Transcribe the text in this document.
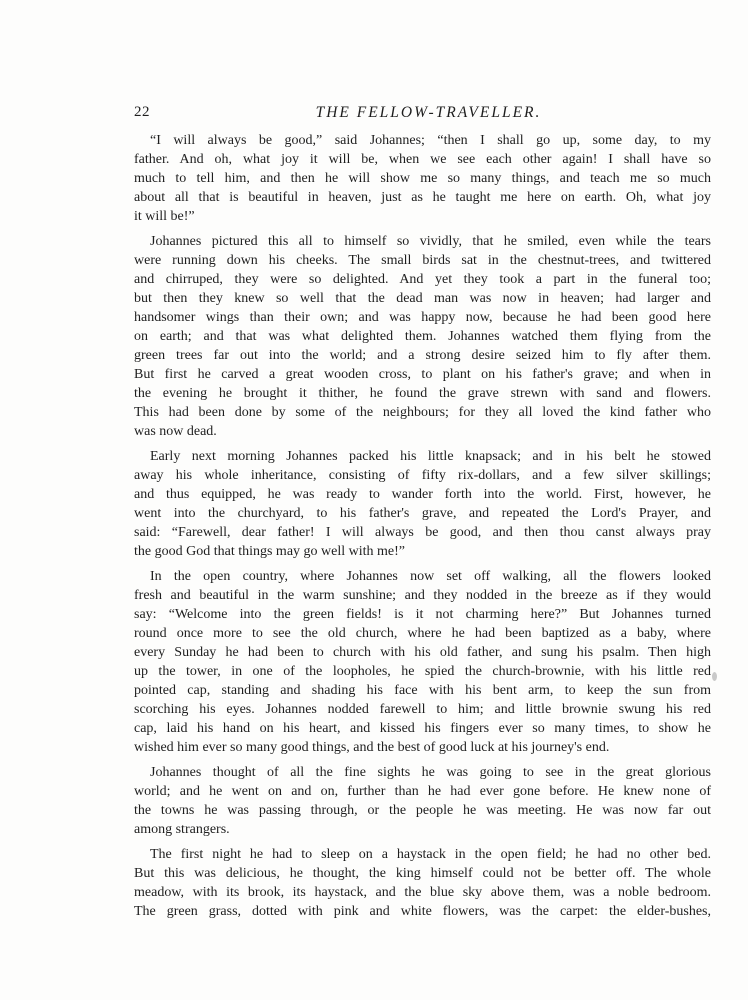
22	THE FELLOW-TRAVELLER.
“I will always be good,” said Johannes; “then I shall go up, some day, to my
father. And oh, what joy it will be, when we see each other again! I shall have so
much to tell him, and then he will show me so many things, and teach me so much
about all that is beautiful in heaven, just as he taught me here on earth. Oh, what joy
it will be!”
Johannes pictured this all to himself so vividly, that he smiled, even while the tears
were running down his cheeks. The small birds sat in the chestnut-trees, and twittered
and chirruped, they were so delighted. And yet they took a part in the funeral too;
but then they knew so well that the dead man was now in heaven; had larger and
handsomer wings than their own; and was happy now, because he had been good here
on earth; and that was what delighted them. Johannes watched them flying from the
green trees far out into the world; and a strong desire seized him to fly after them.
But first he carved a great wooden cross, to plant on his father's grave; and when in
the evening he brought it thither, he found the grave strewn with sand and flowers.
This had been done by some of the neighbours; for they all loved the kind father who
was now dead.
Early next morning Johannes packed his little knapsack; and in his belt he stowed
away his whole inheritance, consisting of fifty rix-dollars, and a few silver skillings;
and thus equipped, he was ready to wander forth into the world. First, however, he
went into the churchyard, to his father's grave, and repeated the Lord's Prayer, and
said: “Farewell, dear father! I will always be good, and then thou canst always pray
the good God that things may go well with me!”
In the open country, where Johannes now set off walking, all the flowers looked
fresh and beautiful in the warm sunshine; and they nodded in the breeze as if they would
say: “Welcome into the green fields! is it not charming here?” But Johannes turned
round once more to see the old church, where he had been baptized as a baby, where
every Sunday he had been to church with his old father, and sung his psalm. Then high
up the tower, in one of the loopholes, he spied the church-brownie, with his little red
pointed cap, standing and shading his face with his bent arm, to keep the sun from
scorching his eyes. Johannes nodded farewell to him; and little brownie swung his red
cap, laid his hand on his heart, and kissed his fingers ever so many times, to show he
wished him ever so many good things, and the best of good luck at his journey's end.
Johannes thought of all the fine sights he was going to see in the great glorious
world; and he went on and on, further than he had ever gone before. He knew none of
the towns he was passing through, or the people he was meeting. He was now far out
among strangers.
The first night he had to sleep on a haystack in the open field; he had no other bed.
But this was delicious, he thought, the king himself could not be better off. The whole
meadow, with its brook, its haystack, and the blue sky above them, was a noble bedroom.
The green grass, dotted with pink and white flowers, was the carpet: the elder-bushes,
